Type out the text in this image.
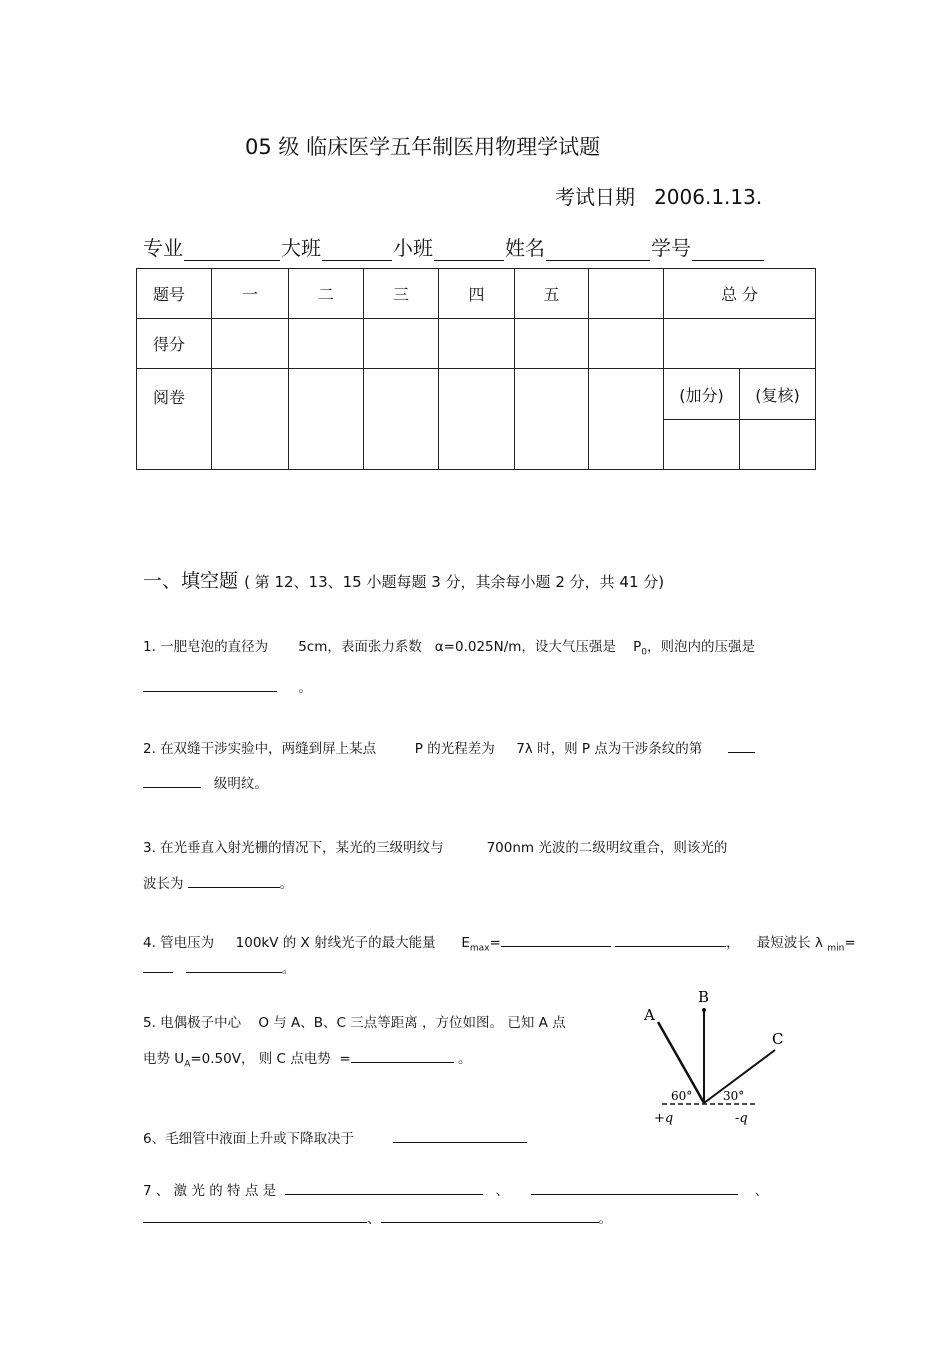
05 级 临床医学五年制医用物理学试题
考试日期 2006.1.13.
专业	大班	小班	姓名	学号
题号	一	二	三	四	五		总 分	
得分								
阅卷							(加分)	(复核)

一、填空题 ( 第 12、13、15 小题每题 3 分，其余每小题 2 分，共 41 分)
1. 一肥皂泡的直径为 5cm，表面张力系数 α=0.025N/m，设大气压强是 $P_0$，则泡内的压强是
。
2. 在双缝干涉实验中，两缝到屏上某点	P 的光程差为 7λ 时，则 P 点为干涉条纹的第
级明纹。
3. 在光垂直入射光栅的情况下，某光的三级明纹与	700nm 光波的二级明纹重合，则该光的
波长为	。
4. 管电压为 100kV 的 X 射线光子的最大能量 $E_{max}=$	， 最短波长 λ $_{min}$=
。
5. 电偶极子中心 O 与 A、B、C 三点等距离 ，方位如图。 已知 A 点
电势 $U_A=0.50V$， 则 C 点电势 =	。
A
B
C
60°	30°
+q	-q
6、毛细管中液面上升或下降取决于
7 、 激 光 的 特 点 是	、	、
、	。
